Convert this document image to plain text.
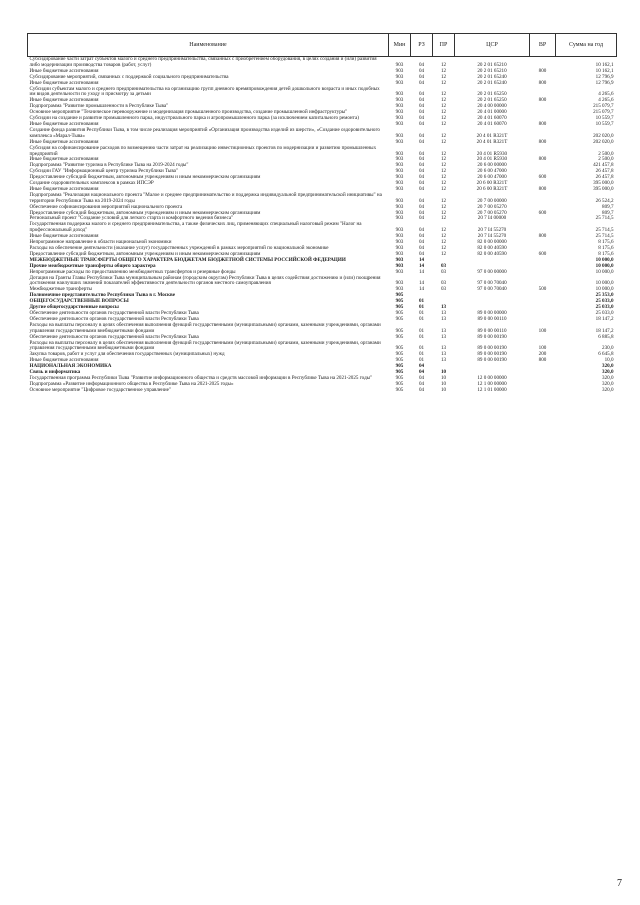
Наименование	Мин	РЗ	ПР	ЦСР	ВР	Сумма на год
Субсидирование части затрат субъектов малого и среднего предпринимательства, связанных с приобретением оборудования, в целях создания и (или) развития либо модернизации производства товаров (работ, услуг)	903	04	12	20 2 01 65210		10 162,1
Иные бюджетные ассигнования	903	04	12	20 2 01 65210	800	10 162,1
Субсидирование мероприятий, связанных с поддержкой социального предпринимательства	903	04	12	20 2 01 65240		12 796,9
Иные бюджетные ассигнования	903	04	12	20 2 01 65240	800	12 796,9
Субсидии субъектам малого и среднего предпринимательства на организацию групп дневного времяпровождения детей дошкольного возраста и иных подобных им видов деятельности по уходу и присмотру за детьми	903	04	12	20 2 01 65250		4 265,6
Иные бюджетные ассигнования	903	04	12	20 2 01 65250	800	4 265,6
Подпрограмма "Развитие промышленности в Республике Тыва"	903	04	12	20 4 00 00000		215 079,7
Основное мероприятие "Техническое перевооружение и модернизация промышленного производства, создание промышленной инфраструктуры"	903	04	12	20 4 01 00000		215 079,7
Субсидии на создание и развитие промышленного парка, индустриального парка и агропромышленного парка (за исключением капитального ремонта)	903	04	12	20 4 01 60070		10 559,7
Иные бюджетные ассигнования	903	04	12	20 4 01 60070	800	10 559,7
Создание фонда развития Республики Тыва, в том числе реализация мероприятий «Организация производства изделий из шерсти», «Создание оздоровительного комплекса «Марал-Тыва»	903	04	12	20 4 01 R321T		202 020,0
Иные бюджетные ассигнования	903	04	12	20 4 01 R321T	800	202 020,0
Субсидия на софинансирование расходов по возмещению части затрат на реализацию инвестиционных проектов по модернизации и развитию промышленных предприятий	903	04	12	20 4 01 R5930		2 500,0
Иные бюджетные ассигнования	903	04	12	20 4 01 R5930	800	2 500,0
Подпрограмма "Развитие туризма в Республике Тыва на 2019-2024 годы"	903	04	12	20 6 00 00000		421 457,8
Субсидии ГАУ "Информационный центр туризма Республики Тыва"	903	04	12	20 6 00 47000		26 457,8
Предоставление субсидий бюджетным, автономным учреждениям и иным некоммерческим организациям	903	04	12	20 6 00 47000	600	26 457,8
Создание оздоровительных комплексов в рамках ИПСЭР	903	04	12	20 6 00 R321T		395 000,0
Иные бюджетные ассигнования	903	04	12	20 6 00 R321T	800	395 000,0
Подпрограмма "Реализация национального проекта "Малое и среднее предпринимательство и поддержка индивидуальной предпринимательской инициативы" на территории Республики Тыва на 2019-2024 годы	903	04	12	20 7 00 00000		26 524,2
Обеспечение софинансирования мероприятий национального проекта	903	04	12	20 7 00 05270		809,7
Предоставление субсидий бюджетным, автономным учреждениям и иным некоммерческим организациям	903	04	12	20 7 00 05270	600	809,7
Региональный проект "Создание условий для легкого старта и комфортного ведения бизнеса"	903	04	12	20 7 I4 00000		25 714,5
Государственная поддержка малого и среднего предпринимательства, а также физических лиц, применяющих специальный налоговый режим "Налог на профессиональный доход"	903	04	12	20 7 I4 55270		25 714,5
Иные бюджетные ассигнования	903	04	12	20 7 I4 55270	800	25 714,5
Непрограммное направление в области национальной экономики	903	04	12	82 0 00 00000		8 175,6
Расходы на обеспечение деятельности (оказание услуг) государственных учреждений в рамках мероприятий по национальной экономике	903	04	12	82 0 00 40590		8 175,6
Предоставление субсидий бюджетным, автономным учреждениям и иным некоммерческим организациям	903	04	12	82 0 00 40590	600	8 175,6
МЕЖБЮДЖЕТНЫЕ ТРАНСФЕРТЫ ОБЩЕГО ХАРАКТЕРА БЮДЖЕТАМ БЮДЖЕТНОЙ СИСТЕМЫ РОССИЙСКОЙ ФЕДЕРАЦИИ	903	14				10 000,0
Прочие межбюджетные трансферты общего характера	903	14	03			10 000,0
Непрограммные расходы по предоставлению межбюджетных трансфертов и резервные фонды	903	14	03	97 0 00 00000		10 000,0
Дотация на Гранты Главы Республики Тыва муниципальным районам (городским округам) Республики Тыва в целях содействия достижению и (или) поощрения достижения наилучших значений показателей эффективности деятельности органов местного самоуправления	903	14	03	97 0 00 70040		10 000,0
Межбюджетные трансферты	903	14	03	97 0 00 70040	500	10 000,0
Полномочное представительство Республики Тыва в г. Москве	905					25 353,0
ОБЩЕГОСУДАРСТВЕННЫЕ ВОПРОСЫ	905	01				25 033,0
Другие общегосударственные вопросы	905	01	13			25 033,0
Обеспечение деятельности органов государственной власти Республики Тыва	905	01	13	89 0 00 00000		25 033,0
Обеспечение деятельности органов государственной власти Республики Тыва	905	01	13	89 0 00 00110		18 147,2
Расходы на выплаты персоналу в целях обеспечения выполнения функций государственными (муниципальными) органами, казенными учреждениями, органами управления государственными внебюджетными фондами	905	01	13	89 0 00 00110	100	18 147,2
Обеспечение деятельности органов государственной власти Республики Тыва	905	01	13	89 0 00 00190		6 885,8
Расходы на выплаты персоналу в целях обеспечения выполнения функций государственными (муниципальными) органами, казенными учреждениями, органами управления государственными внебюджетными фондами	905	01	13	89 0 00 00190	100	230,0
Закупка товаров, работ и услуг для обеспечения государственных (муниципальных) нужд	905	01	13	89 0 00 00190	200	6 645,8
Иные бюджетные ассигнования	905	01	13	89 0 00 00190	800	10,0
НАЦИОНАЛЬНАЯ ЭКОНОМИКА	905	04				320,0
Связь и информатика	905	04	10			320,0
Государственная программа Республики Тыва "Развитие информационного общества и средств массовой информации в Республике Тыва на 2021-2025 годы"	905	04	10	12 0 00 00000		320,0
Подпрограмма «Развитие информационного общества в Республике Тыва на 2021-2025 годы»	905	04	10	12 1 00 00000		320,0
Основное мероприятие "Цифровое государственное управление"	905	04	10	12 1 01 00000		320,0
7
